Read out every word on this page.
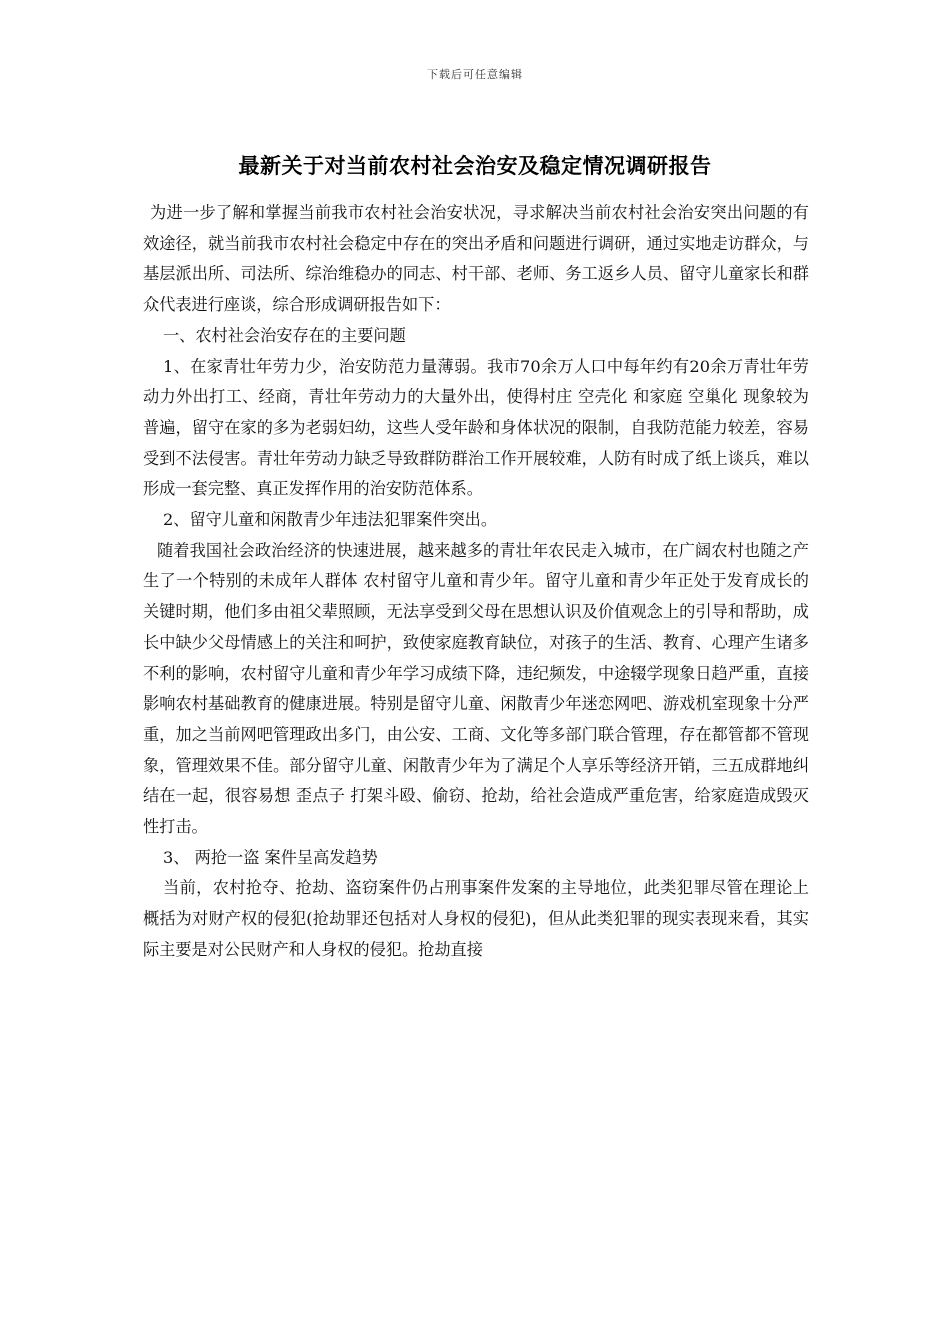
下载后可任意编辑
最新关于对当前农村社会治安及稳定情况调研报告

为进一步了解和掌握当前我市农村社会治安状况，寻求解决当前农村社会治安突出问题的有效途径，就当前我市农村社会稳定中存在的突出矛盾和问题进行调研，通过实地走访群众，与基层派出所、司法所、综治维稳办的同志、村干部、老师、务工返乡人员、留守儿童家长和群众代表进行座谈，综合形成调研报告如下：

一、农村社会治安存在的主要问题

1、在家青壮年劳力少，治安防范力量薄弱。我市70余万人口中每年约有20余万青壮年劳动力外出打工、经商，青壮年劳动力的大量外出，使得村庄 空壳化 和家庭 空巢化 现象较为普遍，留守在家的多为老弱妇幼，这些人受年龄和身体状况的限制，自我防范能力较差，容易受到不法侵害。青壮年劳动力缺乏导致群防群治工作开展较难，人防有时成了纸上谈兵，难以形成一套完整、真正发挥作用的治安防范体系。

2、留守儿童和闲散青少年违法犯罪案件突出。

随着我国社会政治经济的快速进展，越来越多的青壮年农民走入城市，在广阔农村也随之产生了一个特别的未成年人群体 农村留守儿童和青少年。留守儿童和青少年正处于发育成长的关键时期，他们多由祖父辈照顾，无法享受到父母在思想认识及价值观念上的引导和帮助，成长中缺少父母情感上的关注和呵护，致使家庭教育缺位，对孩子的生活、教育、心理产生诸多不利的影响，农村留守儿童和青少年学习成绩下降，违纪频发，中途辍学现象日趋严重，直接影响农村基础教育的健康进展。特别是留守儿童、闲散青少年迷恋网吧、游戏机室现象十分严重，加之当前网吧管理政出多门，由公安、工商、文化等多部门联合管理，存在都管都不管现象，管理效果不佳。部分留守儿童、闲散青少年为了满足个人享乐等经济开销，三五成群地纠结在一起，很容易想 歪点子 打架斗殴、偷窃、抢劫，给社会造成严重危害，给家庭造成毁灭性打击。

3、 两抢一盗 案件呈高发趋势

当前，农村抢夺、抢劫、盗窃案件仍占刑事案件发案的主导地位，此类犯罪尽管在理论上概括为对财产权的侵犯(抢劫罪还包括对人身权的侵犯)，但从此类犯罪的现实表现来看，其实际主要是对公民财产和人身权的侵犯。抢劫直接
